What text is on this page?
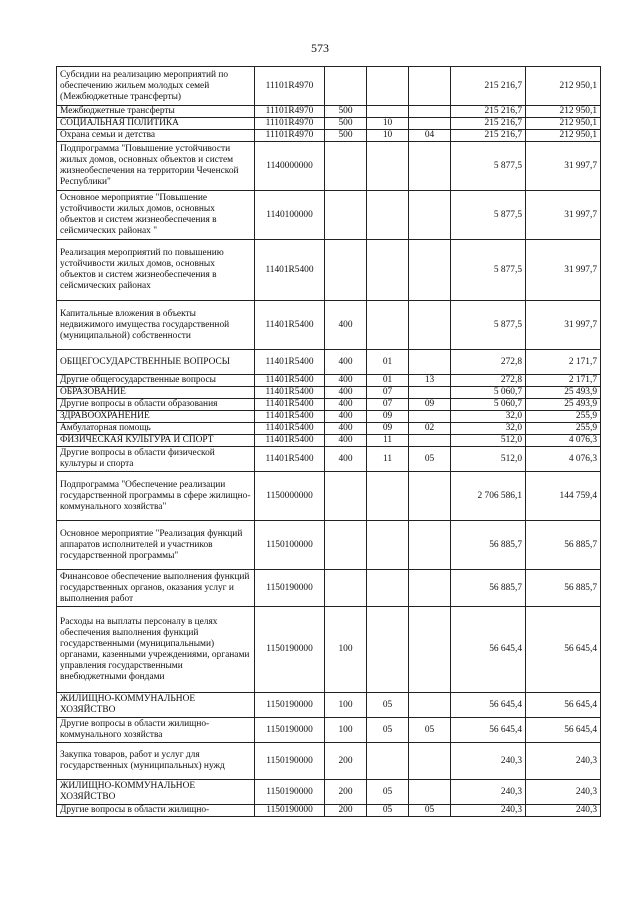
573
Субсидии на реализацию мероприятий по обеспечению жильем молодых семей (Межбюджетные трансферты)	11101R4970				215 216,7	212 950,1
Межбюджетные трансферты	11101R4970	500			215 216,7	212 950,1
СОЦИАЛЬНАЯ ПОЛИТИКА	11101R4970	500	10		215 216,7	212 950,1
Охрана семьи и детства	11101R4970	500	10	04	215 216,7	212 950,1
Подпрограмма "Повышение устойчивости жилых домов, основных объектов и систем жизнеобеспечения на территории Чеченской Республики"	1140000000				5 877,5	31 997,7
Основное мероприятие "Повышение устойчивости жилых домов, основных объектов и систем жизнеобеспечения в сейсмических районах "	1140100000				5 877,5	31 997,7
Реализация мероприятий по повышению устойчивости жилых домов, основных объектов и систем жизнеобеспечения в сейсмических районах	11401R5400				5 877,5	31 997,7
Капитальные вложения в объекты недвижимого имущества государственной (муниципальной) собственности	11401R5400	400			5 877,5	31 997,7
ОБЩЕГОСУДАРСТВЕННЫЕ ВОПРОСЫ	11401R5400	400	01		272,8	2 171,7
Другие общегосударственные вопросы	11401R5400	400	01	13	272,8	2 171,7
ОБРАЗОВАНИЕ	11401R5400	400	07		5 060,7	25 493,9
Другие вопросы в области образования	11401R5400	400	07	09	5 060,7	25 493,9
ЗДРАВООХРАНЕНИЕ	11401R5400	400	09		32,0	255,9
Амбулаторная помощь	11401R5400	400	09	02	32,0	255,9
ФИЗИЧЕСКАЯ КУЛЬТУРА И СПОРТ	11401R5400	400	11		512,0	4 076,3
Другие вопросы в области физической культуры и спорта	11401R5400	400	11	05	512,0	4 076,3
Подпрограмма "Обеспечение реализации государственной программы в сфере жилищно-коммунального хозяйства"	1150000000				2 706 586,1	144 759,4
Основное мероприятие "Реализация функций аппаратов исполнителей и участников государственной программы"	1150100000				56 885,7	56 885,7
Финансовое обеспечение выполнения функций государственных органов, оказания услуг и выполнения работ	1150190000				56 885,7	56 885,7
Расходы на выплаты персоналу в целях обеспечения выполнения функций государственными (муниципальными) органами, казенными учреждениями, органами управления государственными внебюджетными фондами	1150190000	100			56 645,4	56 645,4
ЖИЛИЩНО-КОММУНАЛЬНОЕ ХОЗЯЙСТВО	1150190000	100	05		56 645,4	56 645,4
Другие вопросы в области жилищно-коммунального хозяйства	1150190000	100	05	05	56 645,4	56 645,4
Закупка товаров, работ и услуг для государственных (муниципальных) нужд	1150190000	200			240,3	240,3
ЖИЛИЩНО-КОММУНАЛЬНОЕ ХОЗЯЙСТВО	1150190000	200	05		240,3	240,3
Другие вопросы в области жилищно-	1150190000	200	05	05	240,3	240,3
